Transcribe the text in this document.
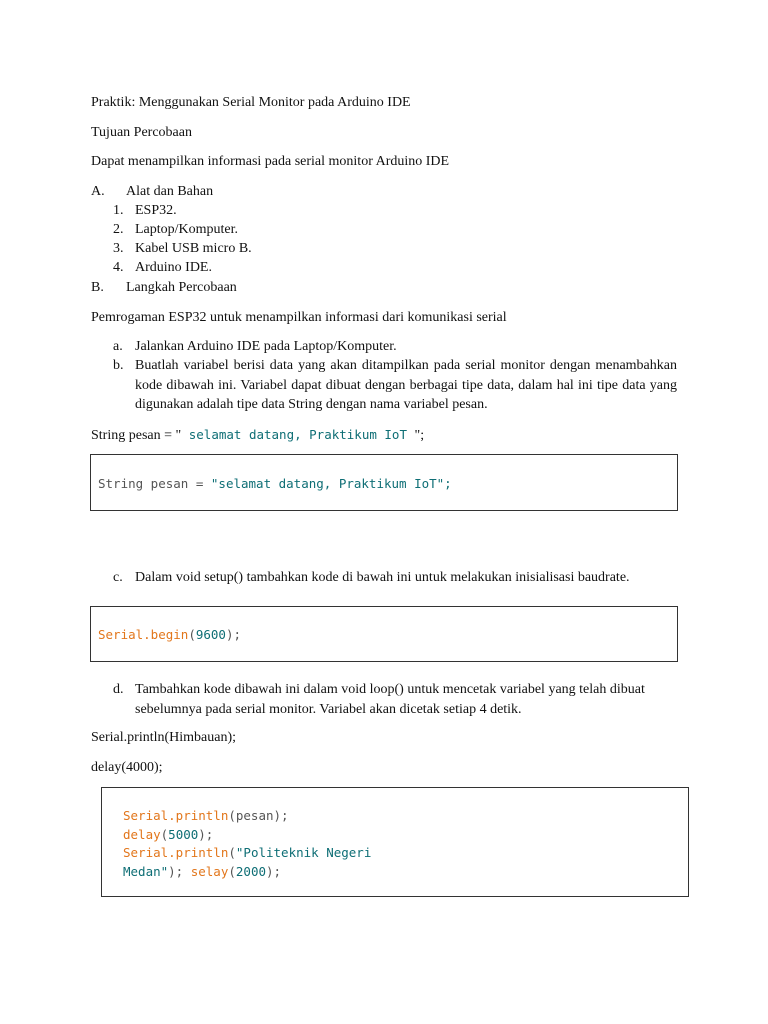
Praktik: Menggunakan Serial Monitor pada Arduino IDE
Tujuan Percobaan
Dapat menampilkan informasi pada serial monitor Arduino IDE
A. Alat dan Bahan
1. ESP32.
2. Laptop/Komputer.
3. Kabel USB micro B.
4. Arduino IDE.
B. Langkah Percobaan
Pemrogaman ESP32 untuk menampilkan informasi dari komunikasi serial
a. Jalankan Arduino IDE pada Laptop/Komputer.
b. Buatlah variabel berisi data yang akan ditampilkan pada serial monitor dengan menambahkan kode dibawah ini. Variabel dapat dibuat dengan berbagai tipe data, dalam hal ini tipe data yang digunakan adalah tipe data String dengan nama variabel pesan.
String pesan = " selamat datang, Praktikum IoT ";
String pesan = "selamat datang, Praktikum IoT";
c. Dalam void setup() tambahkan kode di bawah ini untuk melakukan inisialisasi baudrate.
Serial.begin(9600);
d. Tambahkan kode dibawah ini dalam void loop() untuk mencetak variabel yang telah dibuat sebelumnya pada serial monitor. Variabel akan dicetak setiap 4 detik.
Serial.println(Himbauan);
delay(4000);
Serial.println(pesan);
delay(5000);
Serial.println("Politeknik Negeri
Medan"); selay(2000);
